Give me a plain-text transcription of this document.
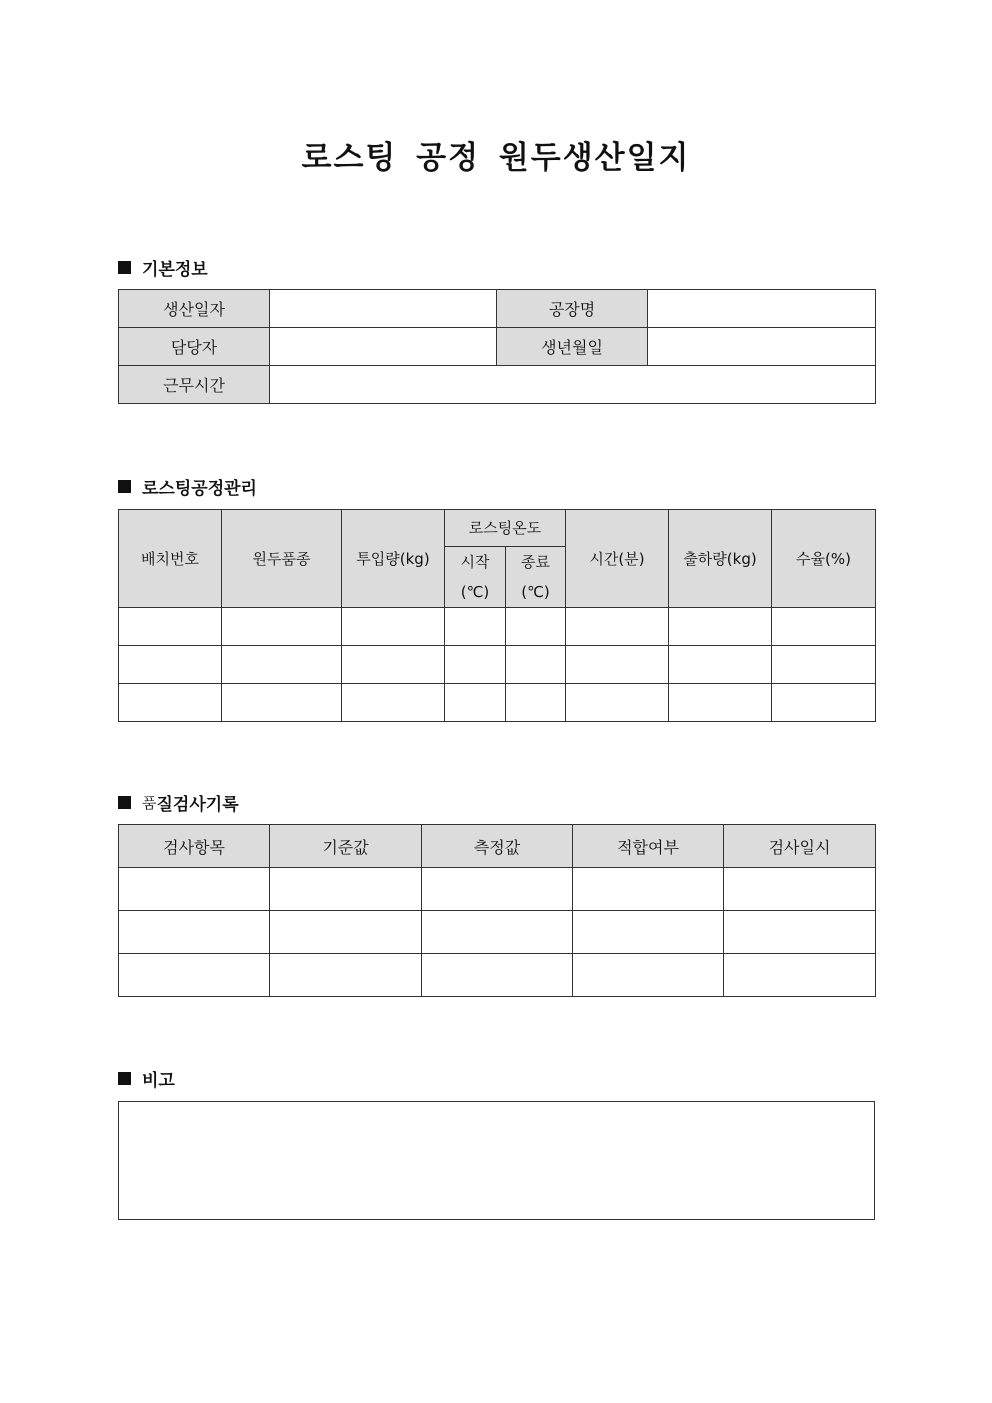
로스팅 공정 원두생산일지
기본정보
생산일자		공장명	
담당자		생년월일	
근무시간			
로스팅공정관리
배치번호	원두품종	투입량(kg)	로스팅온도		시간(분)	출하량(kg)	수율(%)
			시작(℃)	종료(℃)			

품 질검사기록
검사항목	기준값	측정값	적합여부	검사일시

비고
